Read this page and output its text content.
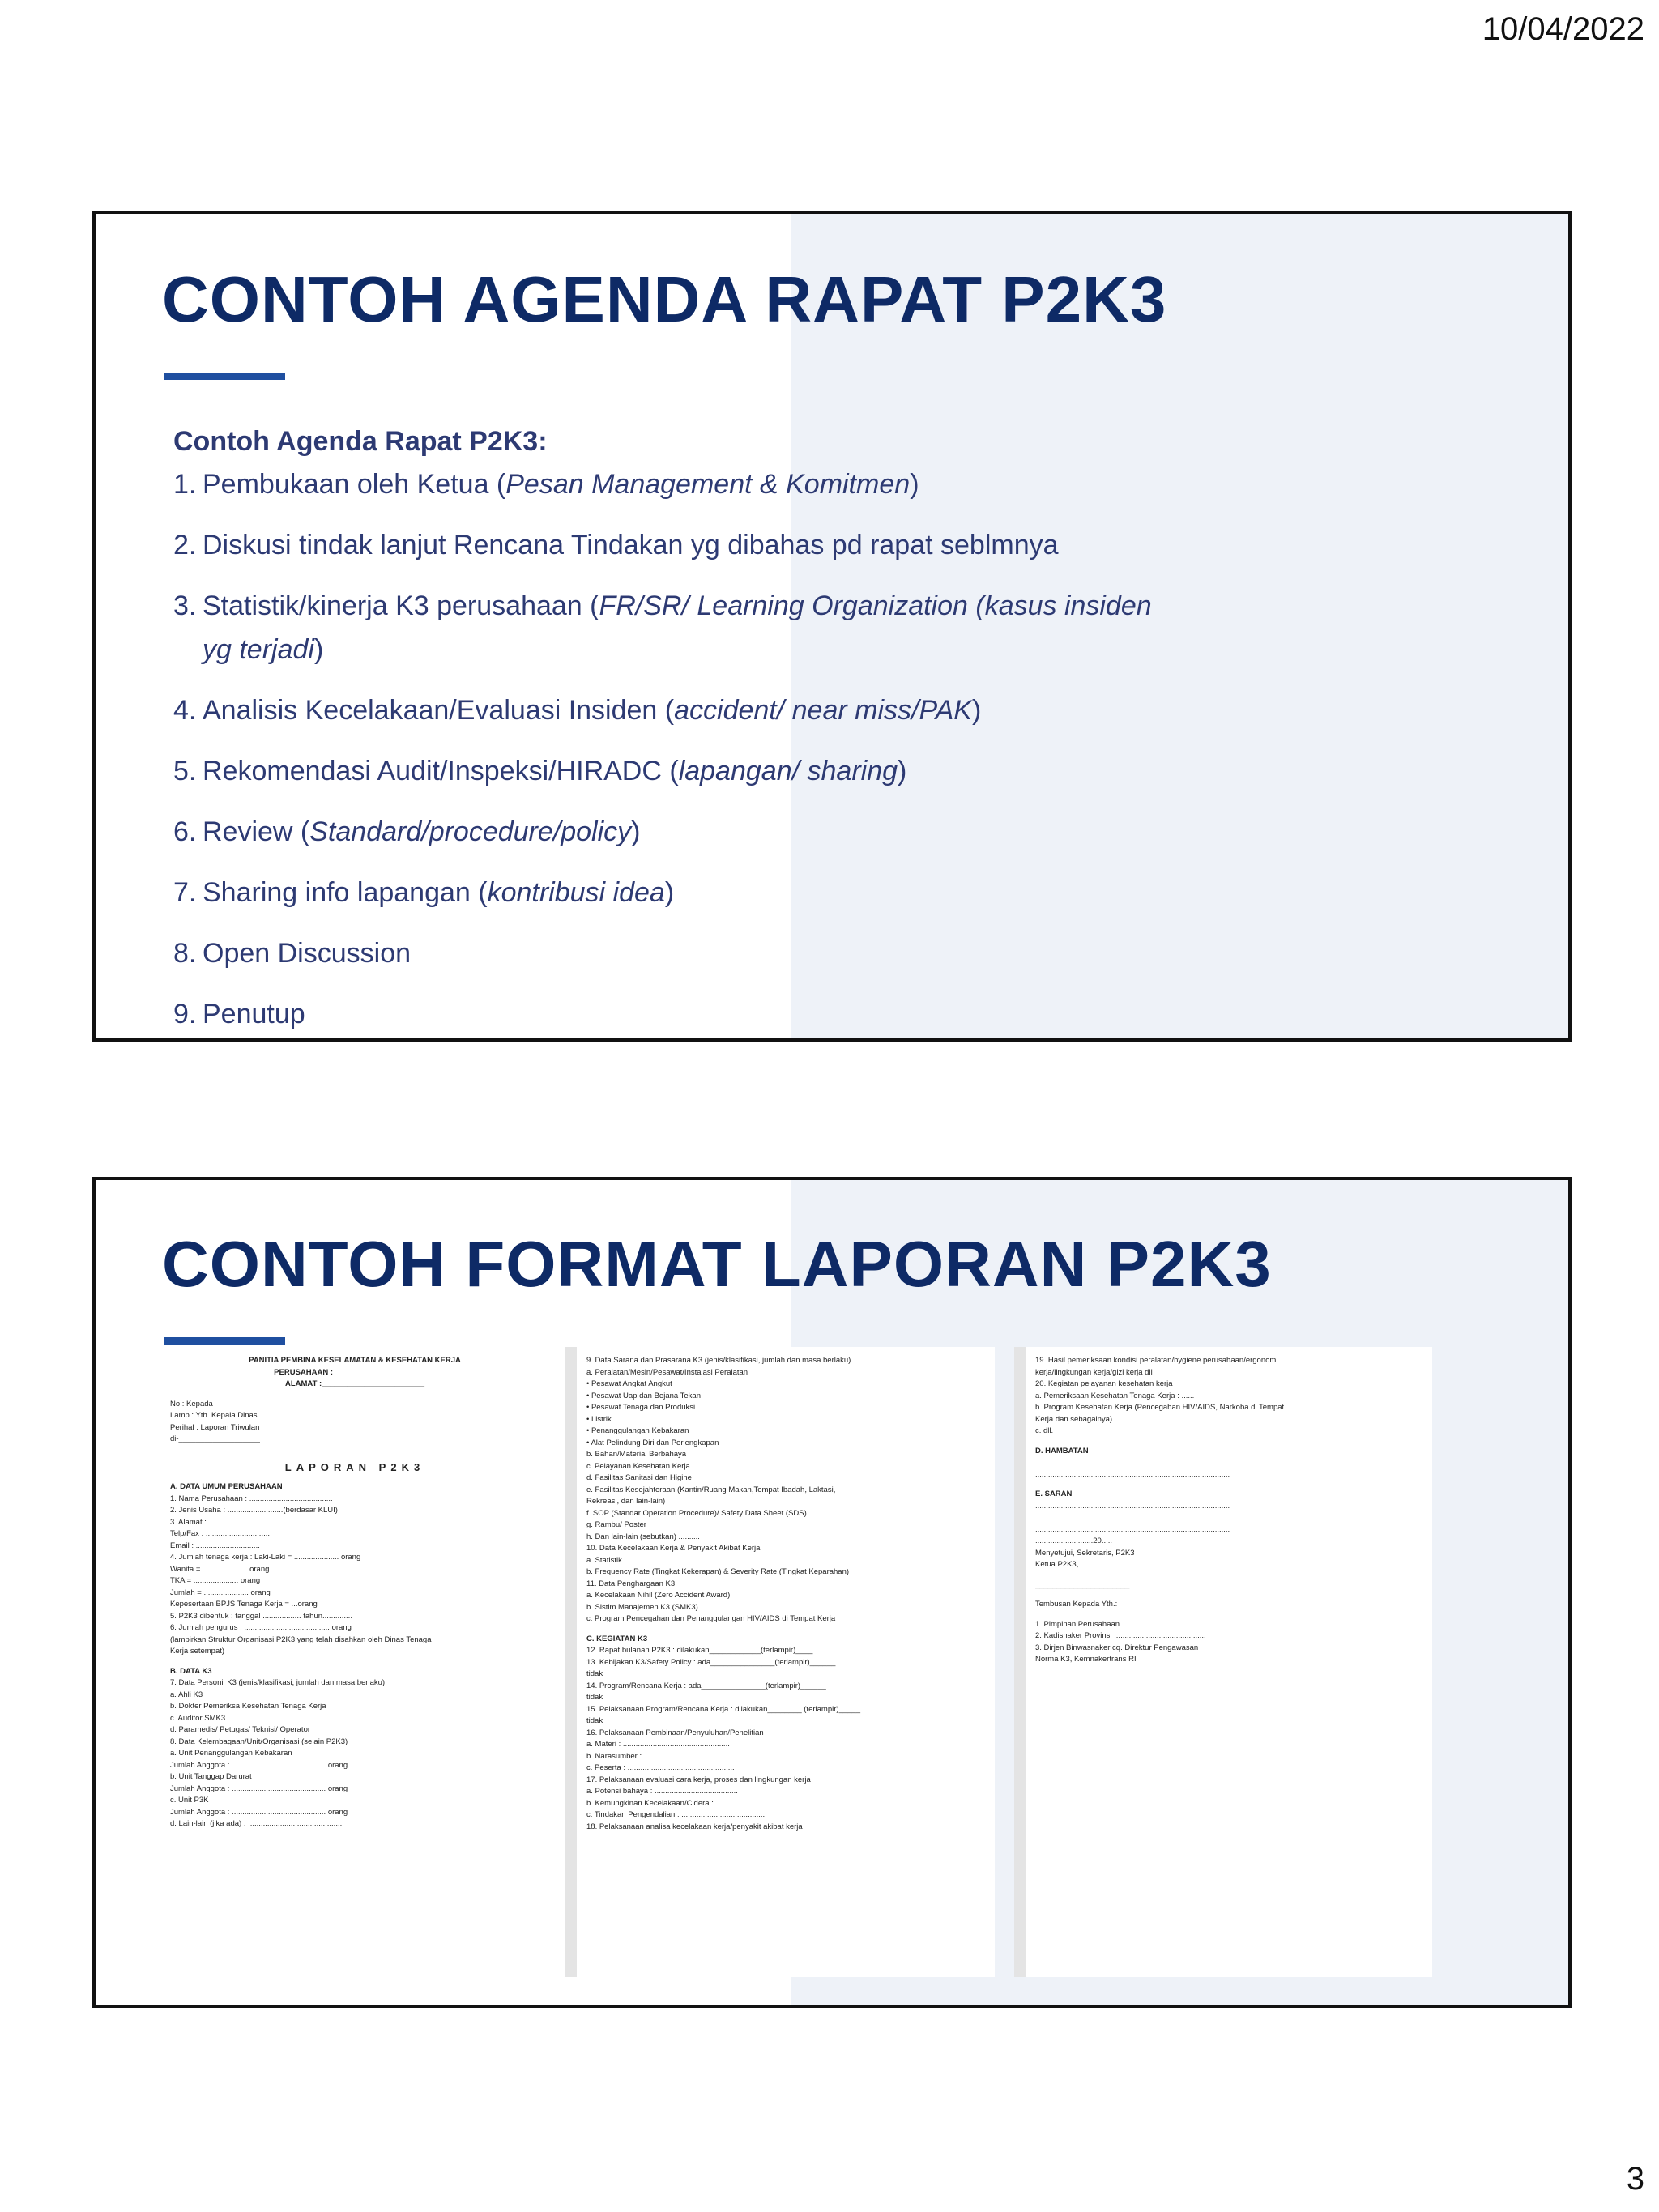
10/04/2022
CONTOH AGENDA RAPAT P2K3
Contoh Agenda Rapat P2K3:
1. Pembukaan oleh Ketua (Pesan Management & Komitmen)
2. Diskusi tindak lanjut Rencana Tindakan yg dibahas pd rapat seblmnya
3. Statistik/kinerja K3 perusahaan (FR/SR/ Learning Organization (kasus insiden yg terjadi)
4. Analisis Kecelakaan/Evaluasi Insiden (accident/ near miss/PAK)
5. Rekomendasi Audit/Inspeksi/HIRADC (lapangan/ sharing)
6. Review (Standard/procedure/policy)
7. Sharing info lapangan (kontribusi idea)
8. Open Discussion
9. Penutup
CONTOH FORMAT LAPORAN P2K3
PANITIA PEMBINA KESELAMATAN & KESEHATAN KERJA
PERUSAHAAN :________________________
ALAMAT :________________________
No : Kepada
Lamp : Yth. Kepala Dinas
Perihal : Laporan Triwulan
di-___________________
LAPORAN P2K3
A. DATA UMUM PERUSAHAAN
1. Nama Perusahaan : .......................................
2. Jenis Usaha : ..........................(berdasar KLUI)
3. Alamat : .......................................
Telp/Fax : ..............................
Email : ..............................
4. Jumlah tenaga kerja : Laki-Laki = ..................... orang
Wanita = ..................... orang
TKA = ..................... orang
Jumlah = ..................... orang
Kepesertaan BPJS Tenaga Kerja = ...orang
5. P2K3 dibentuk : tanggal .................. tahun..............
6. Jumlah pengurus : ........................................ orang
(lampirkan Struktur Organisasi P2K3 yang telah disahkan oleh Dinas Tenaga
Kerja setempat)
B. DATA K3
7. Data Personil K3 (jenis/klasifikasi, jumlah dan masa berlaku)
a. Ahli K3
b. Dokter Pemeriksa Kesehatan Tenaga Kerja
c. Auditor SMK3
d. Paramedis/ Petugas/ Teknisi/ Operator
8. Data Kelembagaan/Unit/Organisasi (selain P2K3)
a. Unit Penanggulangan Kebakaran
Jumlah Anggota : ............................................ orang
b. Unit Tanggap Darurat
Jumlah Anggota : ............................................ orang
c. Unit P3K
Jumlah Anggota : ............................................ orang
d. Lain-lain (jika ada) : ............................................
9. Data Sarana dan Prasarana K3 (jenis/klasifikasi, jumlah dan masa berlaku)
a. Peralatan/Mesin/Pesawat/Instalasi Peralatan
• Pesawat Angkat Angkut
• Pesawat Uap dan Bejana Tekan
• Pesawat Tenaga dan Produksi
• Listrik
• Penanggulangan Kebakaran
• Alat Pelindung Diri dan Perlengkapan
b. Bahan/Material Berbahaya
c. Pelayanan Kesehatan Kerja
d. Fasilitas Sanitasi dan Higine
e. Fasilitas Kesejahteraan (Kantin/Ruang Makan,Tempat Ibadah, Laktasi,
Rekreasi, dan lain-lain)
f. SOP (Standar Operation Procedure)/ Safety Data Sheet (SDS)
g. Rambu/ Poster
h. Dan lain-lain (sebutkan) ..........
10. Data Kecelakaan Kerja & Penyakit Akibat Kerja
a. Statistik
b. Frequency Rate (Tingkat Kekerapan) & Severity Rate (Tingkat Keparahan)
11. Data Penghargaan K3
a. Kecelakaan Nihil (Zero Accident Award)
b. Sistim Manajemen K3 (SMK3)
c. Program Pencegahan dan Penanggulangan HIV/AIDS di Tempat Kerja
C. KEGIATAN K3
12. Rapat bulanan P2K3 : dilakukan____________(terlampir)____
13. Kebijakan K3/Safety Policy : ada_______________(terlampir)______
tidak
14. Program/Rencana Kerja : ada_______________(terlampir)______
tidak
15. Pelaksanaan Program/Rencana Kerja : dilakukan________ (terlampir)_____
tidak
16. Pelaksanaan Pembinaan/Penyuluhan/Penelitian
a. Materi : ..................................................
b. Narasumber : ..................................................
c. Peserta : ..................................................
17. Pelaksanaan evaluasi cara kerja, proses dan lingkungan kerja
a. Potensi bahaya : .......................................
b. Kemungkinan Kecelakaan/Cidera : ..............................
c. Tindakan Pengendalian : .......................................
18. Pelaksanaan analisa kecelakaan kerja/penyakit akibat kerja
19. Hasil pemeriksaan kondisi peralatan/hygiene perusahaan/ergonomi
kerja/lingkungan kerja/gizi kerja dll
20. Kegiatan pelayanan kesehatan kerja
a. Pemeriksaan Kesehatan Tenaga Kerja : ......
b. Program Kesehatan Kerja (Pencegahan HIV/AIDS, Narkoba di Tempat
Kerja dan sebagainya) ....
c. dll.
D. HAMBATAN
...........................................................................................
...........................................................................................
E. SARAN
...........................................................................................
...........................................................................................
...........................................................................................
...........................20.....
Menyetujui, Sekretaris, P2K3
Ketua P2K3,
______________________
Tembusan Kepada Yth.:
1. Pimpinan Perusahaan ...........................................
2. Kadisnaker Provinsi ...........................................
3. Dirjen Binwasnaker cq. Direktur Pengawasan
Norma K3, Kemnakertrans RI
3
